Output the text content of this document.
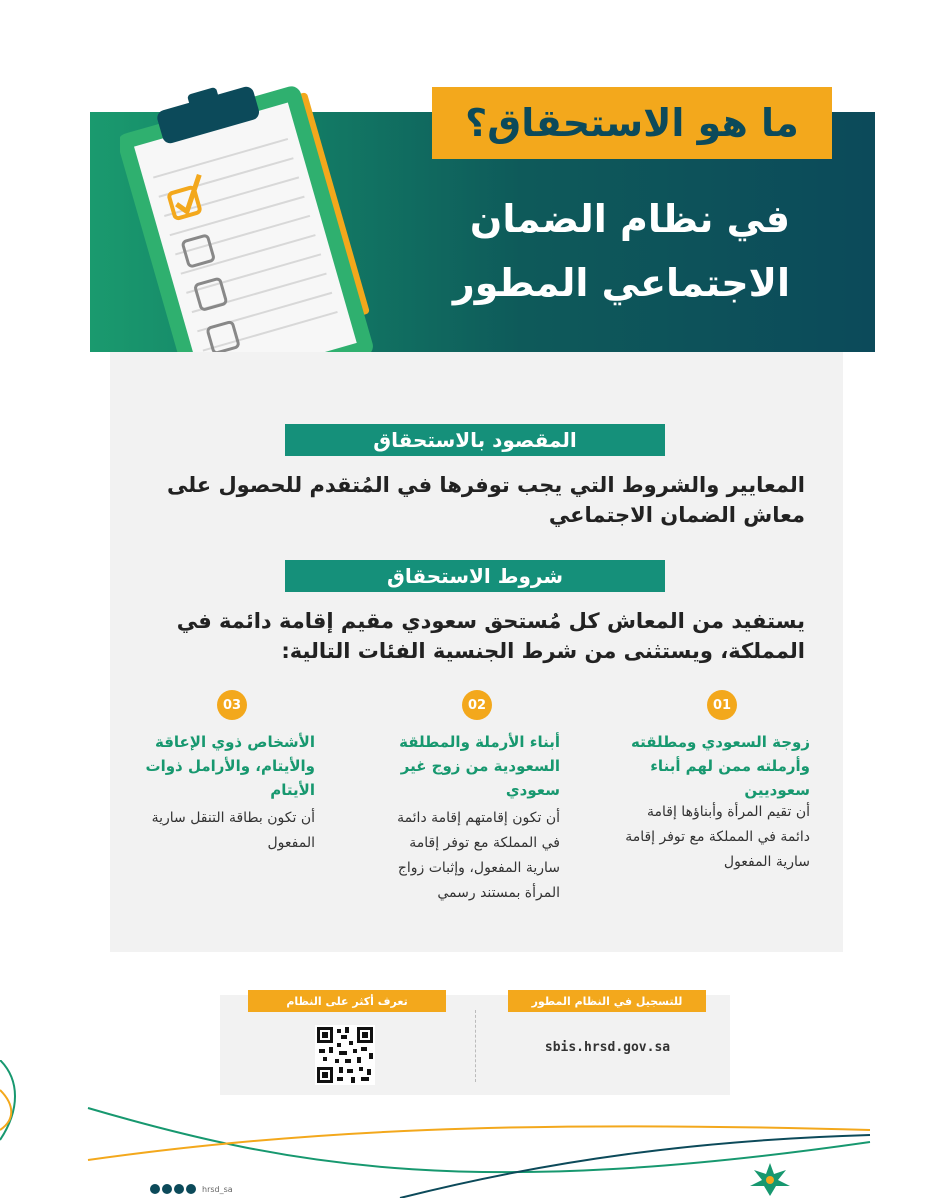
ما هو الاستحقاق؟
في نظام الضمان
الاجتماعي المطور
المقصود بالاستحقاق
المعايير والشروط التي يجب توفرها في المُتقدم للحصول على معاش الضمان الاجتماعي
شروط الاستحقاق
يستفيد من المعاش كل مُستحق سعودي مقيم إقامة دائمة في المملكة، ويستثنى من شرط الجنسية الفئات التالية:
01
زوجة السعودي ومطلقته وأرملته ممن لهم أبناء سعوديين
أن تقيم المرأة وأبناؤها إقامة دائمة في المملكة مع توفر إقامة سارية المفعول
02
أبناء الأرملة والمطلقة السعودية من زوج غير سعودي
أن تكون إقامتهم إقامة دائمة في المملكة مع توفر إقامة سارية المفعول، وإثبات زواج المرأة بمستند رسمي
03
الأشخاص ذوي الإعاقة والأيتام، والأرامل ذوات الأيتام
أن تكون بطاقة التنقل سارية المفعول
للتسجيل في النظام المطور
تعرف أكثر على النظام
sbis.hrsd.gov.sa
hrsd_sa
